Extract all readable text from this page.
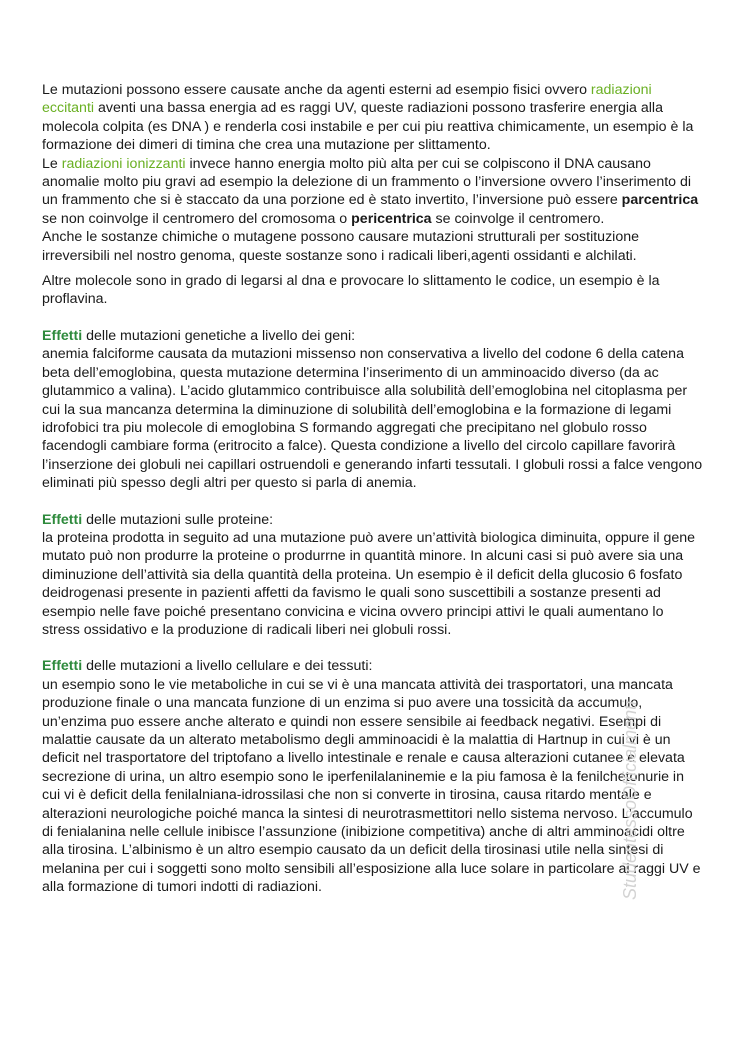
Le mutazioni possono essere causate anche da agenti esterni ad esempio fisici ovvero radiazioni eccitanti aventi una bassa energia ad es raggi UV, queste radiazioni possono trasferire energia alla molecola colpita (es DNA ) e renderla cosi instabile e per cui piu reattiva chimicamente, un esempio è la formazione dei dimeri di timina che crea una mutazione per slittamento.

Le radiazioni ionizzanti invece hanno energia molto più alta per cui se colpiscono il DNA causano anomalie molto piu gravi ad esempio la delezione di un frammento o l’inversione ovvero l’inserimento di un frammento che si è staccato da una porzione ed è stato invertito, l’inversione può essere parcentrica se non coinvolge il centromero del cromosoma o pericentrica se coinvolge il centromero.

Anche le sostanze chimiche o mutagene possono causare mutazioni strutturali per sostituzione irreversibili nel nostro genoma, queste sostanze sono i radicali liberi,agenti ossidanti e alchilati.

Altre molecole sono in grado di legarsi al dna e provocare lo slittamento le codice, un esempio è la proflavina.

Effetti delle mutazioni genetiche a livello dei geni:

anemia falciforme causata da mutazioni missenso non conservativa a livello del codone 6 della catena beta dell’emoglobina, questa mutazione determina l’inserimento di un amminoacido diverso (da ac glutammico a valina). L’acido glutammico contribuisce alla solubilità dell’emoglobina nel citoplasma per cui la sua mancanza determina la diminuzione di solubilità dell’emoglobina e la formazione di legami idrofobici tra piu molecole di emoglobina S formando aggregati che precipitano nel globulo rosso facendogli cambiare forma (eritrocito a falce). Questa condizione a livello del circolo capillare favorirà l’inserzione dei globuli nei capillari ostruendoli e generando infarti tessutali. I globuli rossi a falce vengono eliminati più spesso degli altri per questo si parla di anemia.

Effetti delle mutazioni sulle proteine:

la proteina prodotta in seguito ad una mutazione può avere un’attività biologica diminuita, oppure il gene mutato può non produrre la proteine o produrrne in quantità minore. In alcuni casi si può avere sia una diminuzione dell’attività sia della quantità della proteina. Un esempio è il deficit della glucosio 6 fosfato deidrogenasi presente in pazienti affetti da favismo le quali sono suscettibili a sostanze presenti ad esempio nelle fave poiché presentano convicina e vicina ovvero principi attivi le quali aumentano lo stress ossidativo e la produzione di radicali liberi nei globuli rossi.

Effetti delle mutazioni a livello cellulare e dei tessuti:

un esempio sono le vie metaboliche in cui se vi è una mancata attività dei trasportatori, una mancata produzione finale o una mancata funzione di un enzima si puo avere una tossicità da accumulo, un’enzima puo essere anche alterato e quindi non essere sensibile ai feedback negativi. Esempi di malattie causate da un alterato metabolismo degli amminoacidi è la malattia di Hartnup in cui vi è un deficit nel trasportatore del triptofano a livello intestinale e renale e causa alterazioni cutanee e elevata secrezione di urina, un altro esempio sono le iperfenilalaninemie e la piu famosa è la fenilchetonurie in cui vi è deficit della fenilalniana-idrossilasi che non si converte in tirosina, causa ritardo mentale e alterazioni neurologiche poiché manca la sintesi di neurotrasmettitori nello sistema nervoso. L’accumulo di fenialanina nelle cellule inibisce l’assunzione (inibizione competitiva) anche di altri amminoacidi oltre alla tirosina. L’albinismo è un altro esempio causato da un deficit della tirosinasi utile nella sintesi di melanina per cui i soggetti sono molto sensibili all’esposizione alla luce solare in particolare ai raggi UV e alla formazione di tumori indotti di radiazioni.	StudentessoOfficialmenti
